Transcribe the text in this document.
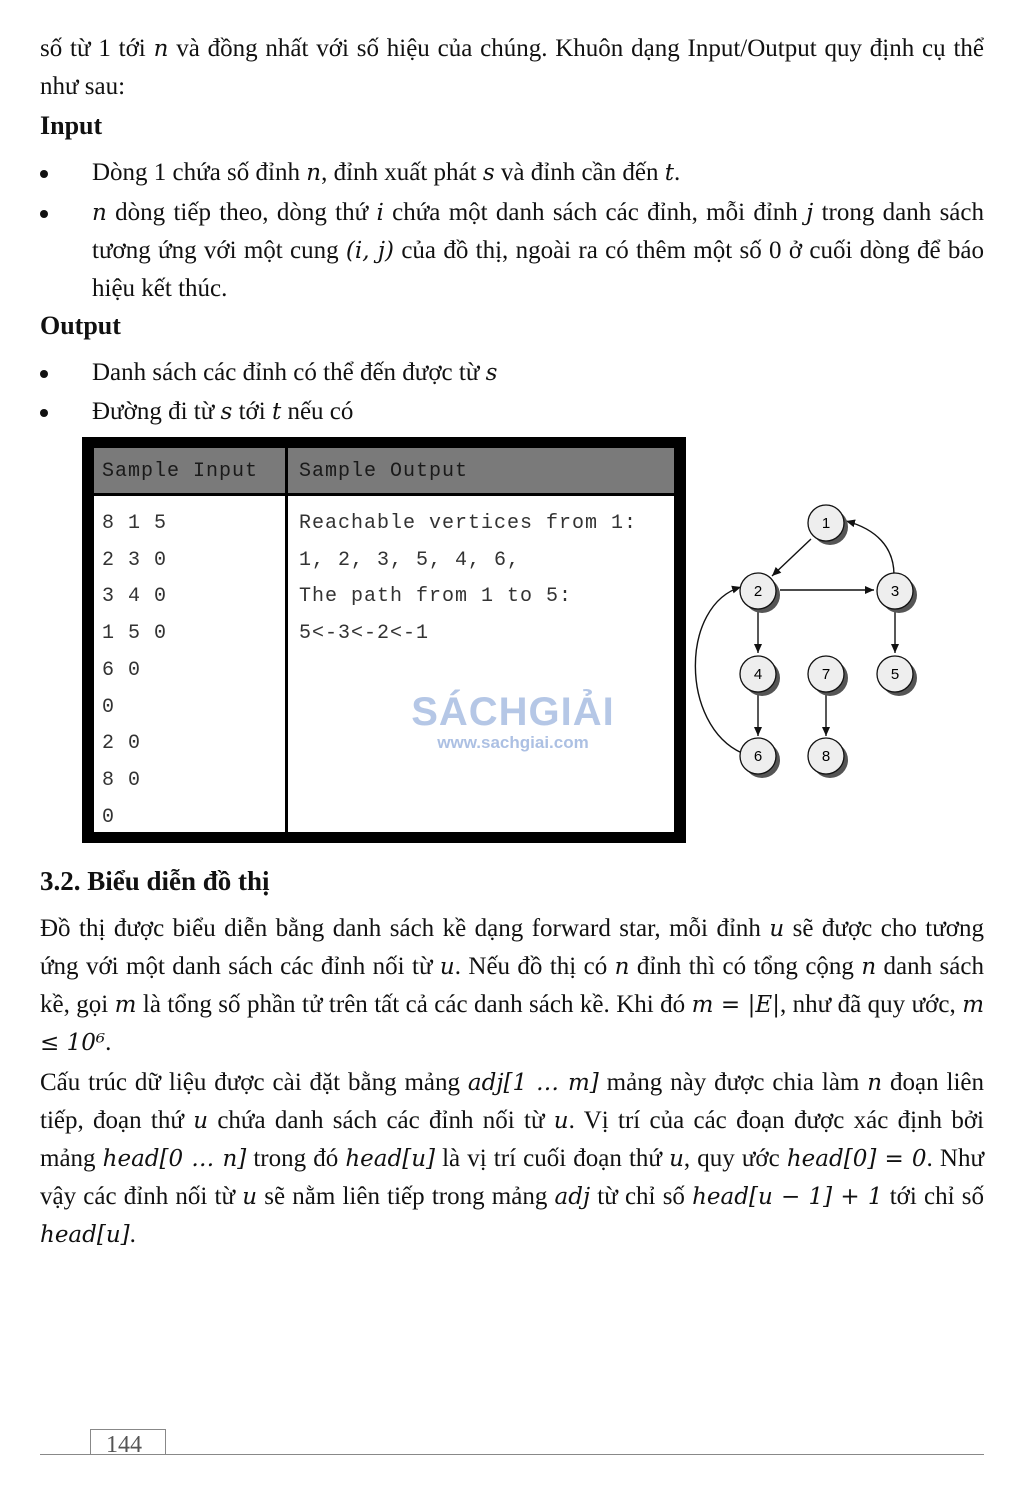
số từ 1 tới n và đồng nhất với số hiệu của chúng. Khuôn dạng Input/Output quy định cụ thể như sau:

Input
Dòng 1 chứa số đỉnh n, đỉnh xuất phát s và đỉnh cần đến t.
n dòng tiếp theo, dòng thứ i chứa một danh sách các đỉnh, mỗi đỉnh j trong danh sách tương ứng với một cung (i, j) của đồ thị, ngoài ra có thêm một số 0 ở cuối dòng để báo hiệu kết thúc.
Output
Danh sách các đỉnh có thể đến được từ s
Đường đi từ s tới t nếu có
Sample Input Sample Output
8 1 5
2 3 0
3 4 0
1 5 0
6 0
0
2 0
8 0
0
Reachable vertices from 1:
1, 2, 3, 5, 4, 6,
The path from 1 to 5:
5<-3<-2<-1
SÁCHGIẢI
www.sachgiai.com
1
2	3
4	5
6
7
8
3.2. Biểu diễn đồ thị

Đồ thị được biểu diễn bằng danh sách kề dạng forward star, mỗi đỉnh u sẽ được cho tương ứng với một danh sách các đỉnh nối từ u. Nếu đồ thị có n đỉnh thì có tổng cộng n danh sách kề, gọi m là tổng số phần tử trên tất cả các danh sách kề. Khi đó m = |E|, như đã quy ước, m ≤ 10⁶.

Cấu trúc dữ liệu được cài đặt bằng mảng adj[1 … m] mảng này được chia làm n đoạn liên tiếp, đoạn thứ u chứa danh sách các đỉnh nối từ u. Vị trí của các đoạn được xác định bởi mảng head[0 … n] trong đó head[u] là vị trí cuối đoạn thứ u, quy ước head[0] = 0. Như vậy các đỉnh nối từ u sẽ nằm liên tiếp trong mảng adj từ chỉ số head[u − 1] + 1 tới chỉ số head[u].

144
